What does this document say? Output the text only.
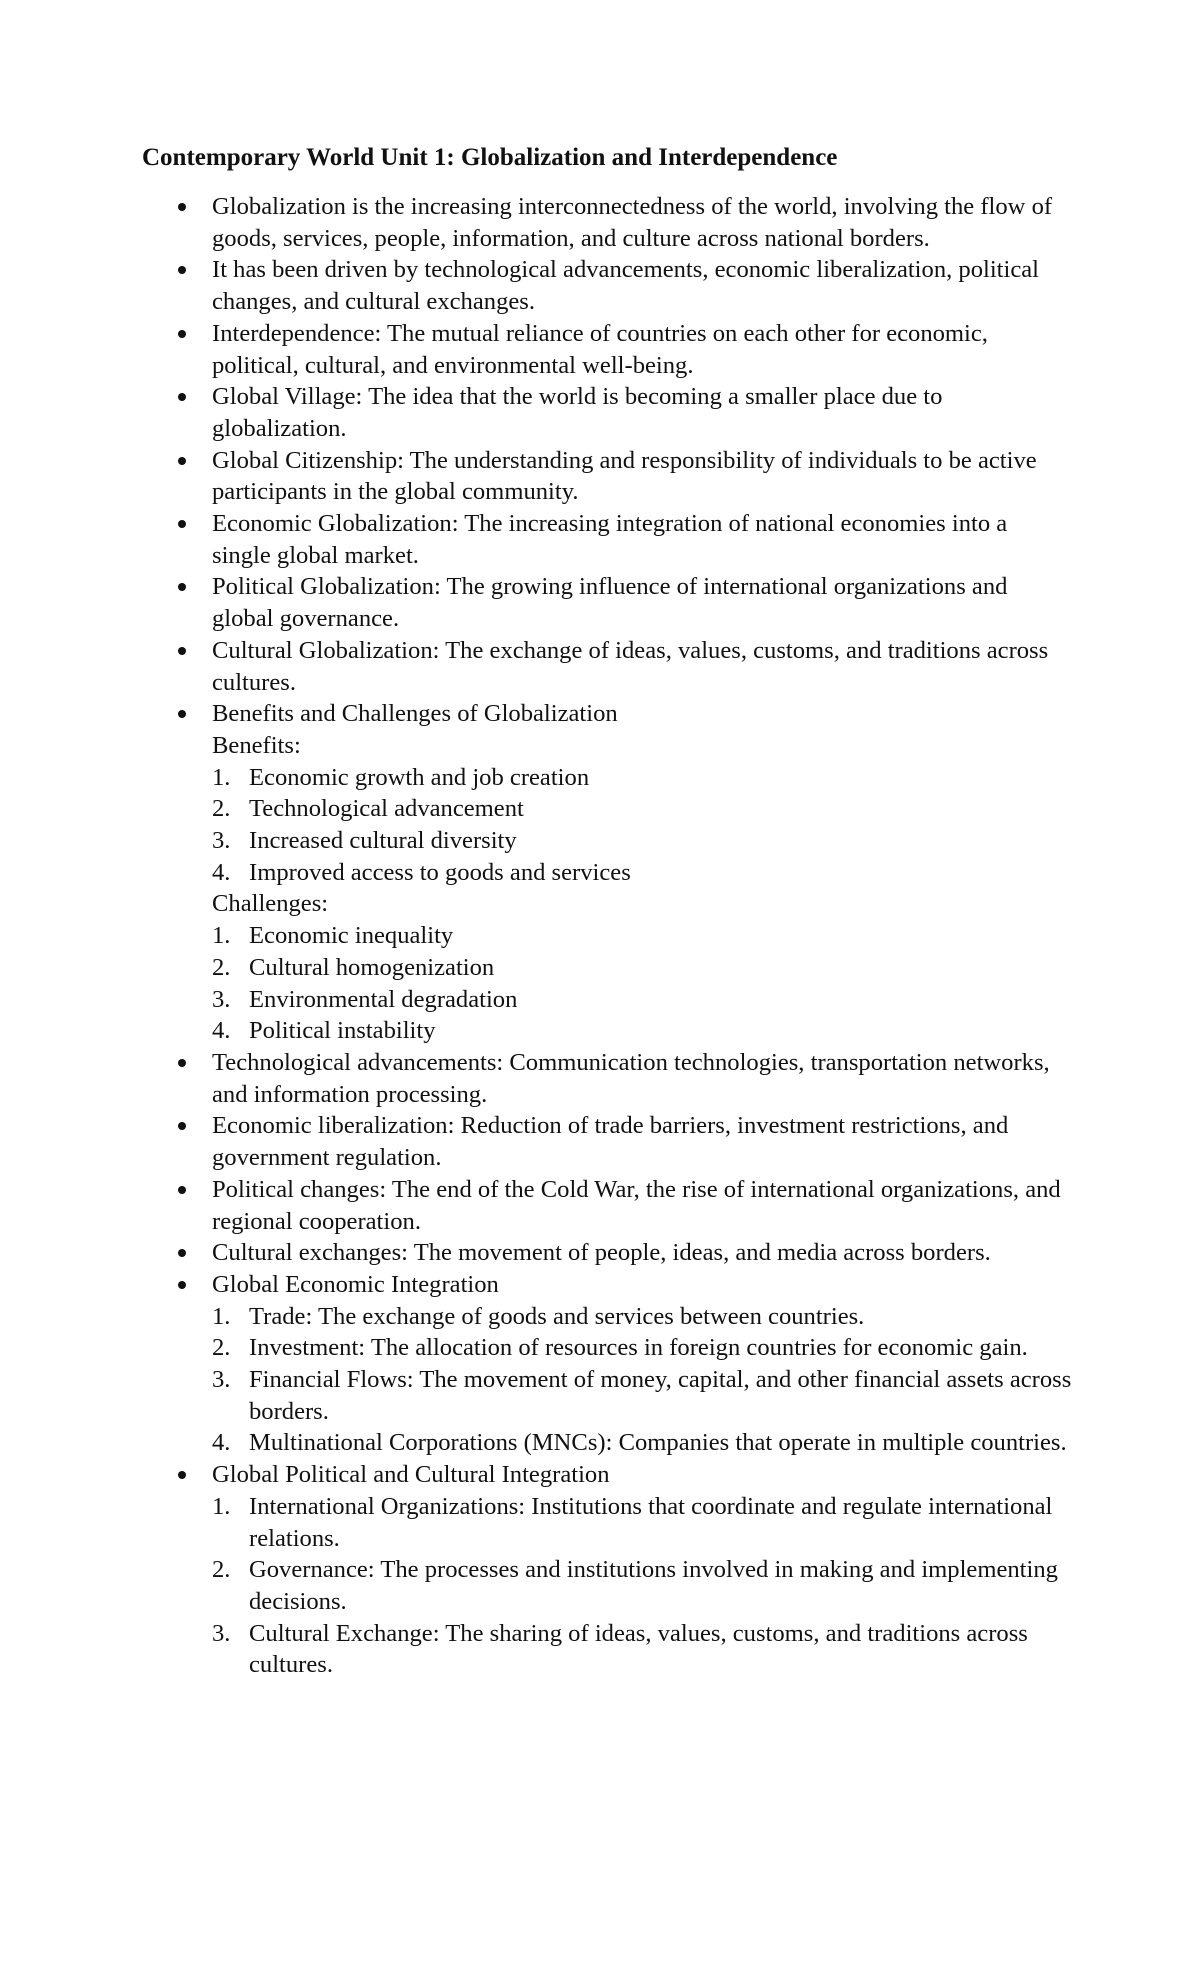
Contemporary World Unit 1: Globalization and Interdependence
Globalization is the increasing interconnectedness of the world, involving the flow of goods, services, people, information, and culture across national borders.
It has been driven by technological advancements, economic liberalization, political changes, and cultural exchanges.
Interdependence: The mutual reliance of countries on each other for economic, political, cultural, and environmental well-being.
Global Village: The idea that the world is becoming a smaller place due to globalization.
Global Citizenship: The understanding and responsibility of individuals to be active participants in the global community.
Economic Globalization: The increasing integration of national economies into a single global market.
Political Globalization: The growing influence of international organizations and global governance.
Cultural Globalization: The exchange of ideas, values, customs, and traditions across cultures.
Benefits and Challenges of Globalization
Benefits:
1. Economic growth and job creation
2. Technological advancement
3. Increased cultural diversity
4. Improved access to goods and services
Challenges:
1. Economic inequality
2. Cultural homogenization
3. Environmental degradation
4. Political instability
Technological advancements: Communication technologies, transportation networks, and information processing.
Economic liberalization: Reduction of trade barriers, investment restrictions, and government regulation.
Political changes: The end of the Cold War, the rise of international organizations, and regional cooperation.
Cultural exchanges: The movement of people, ideas, and media across borders.
Global Economic Integration
1. Trade: The exchange of goods and services between countries.
2. Investment: The allocation of resources in foreign countries for economic gain.
3. Financial Flows: The movement of money, capital, and other financial assets across borders.
4. Multinational Corporations (MNCs): Companies that operate in multiple countries.
Global Political and Cultural Integration
1. International Organizations: Institutions that coordinate and regulate international relations.
2. Governance: The processes and institutions involved in making and implementing decisions.
3. Cultural Exchange: The sharing of ideas, values, customs, and traditions across cultures.
